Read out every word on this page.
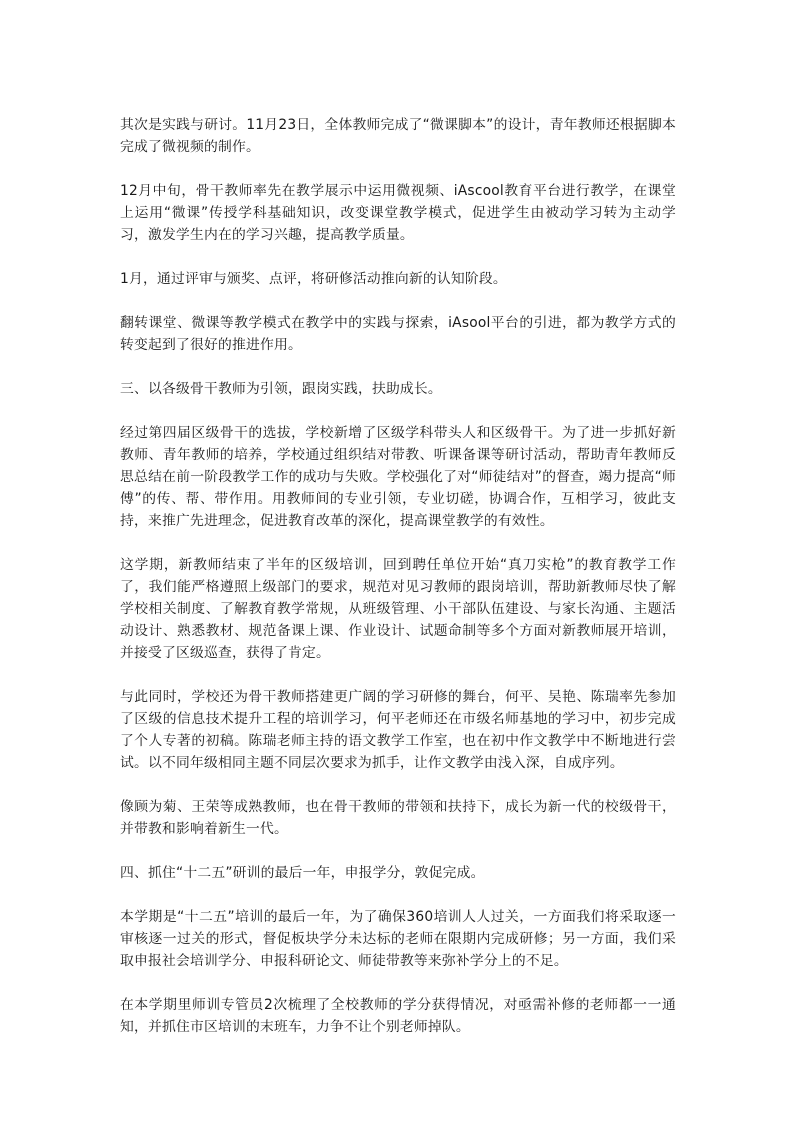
其次是实践与研讨。11月23日，全体教师完成了“微课脚本”的设计，青年教师还根据脚本完成了微视频的制作。

12月中旬，骨干教师率先在教学展示中运用微视频、iAscool教育平台进行教学，在课堂上运用“微课”传授学科基础知识，改变课堂教学模式，促进学生由被动学习转为主动学习，激发学生内在的学习兴趣，提高教学质量。

1月，通过评审与颁奖、点评，将研修活动推向新的认知阶段。

翻转课堂、微课等教学模式在教学中的实践与探索，iAsool平台的引进，都为教学方式的转变起到了很好的推进作用。

三、以各级骨干教师为引领，跟岗实践，扶助成长。

经过第四届区级骨干的选拔，学校新增了区级学科带头人和区级骨干。为了进一步抓好新教师、青年教师的培养，学校通过组织结对带教、听课备课等研讨活动，帮助青年教师反思总结在前一阶段教学工作的成功与失败。学校强化了对“师徒结对”的督查，竭力提高“师傅”的传、帮、带作用。用教师间的专业引领，专业切磋，协调合作，互相学习，彼此支持，来推广先进理念，促进教育改革的深化，提高课堂教学的有效性。

这学期，新教师结束了半年的区级培训，回到聘任单位开始“真刀实枪”的教育教学工作了，我们能严格遵照上级部门的要求，规范对见习教师的跟岗培训，帮助新教师尽快了解学校相关制度、了解教育教学常规，从班级管理、小干部队伍建设、与家长沟通、主题活动设计、熟悉教材、规范备课上课、作业设计、试题命制等多个方面对新教师展开培训，并接受了区级巡查，获得了肯定。

与此同时，学校还为骨干教师搭建更广阔的学习研修的舞台，何平、吴艳、陈瑞率先参加了区级的信息技术提升工程的培训学习，何平老师还在市级名师基地的学习中，初步完成了个人专著的初稿。陈瑞老师主持的语文教学工作室，也在初中作文教学中不断地进行尝试。以不同年级相同主题不同层次要求为抓手，让作文教学由浅入深，自成序列。

像顾为菊、王荣等成熟教师，也在骨干教师的带领和扶持下，成长为新一代的校级骨干，并带教和影响着新生一代。

四、抓住“十二五”研训的最后一年，申报学分，敦促完成。

本学期是“十二五”培训的最后一年，为了确保360培训人人过关，一方面我们将采取逐一审核逐一过关的形式，督促板块学分未达标的老师在限期内完成研修；另一方面，我们采取申报社会培训学分、申报科研论文、师徒带教等来弥补学分上的不足。

在本学期里师训专管员2次梳理了全校教师的学分获得情况，对亟需补修的老师都一一通知，并抓住市区培训的末班车，力争不让个别老师掉队。
